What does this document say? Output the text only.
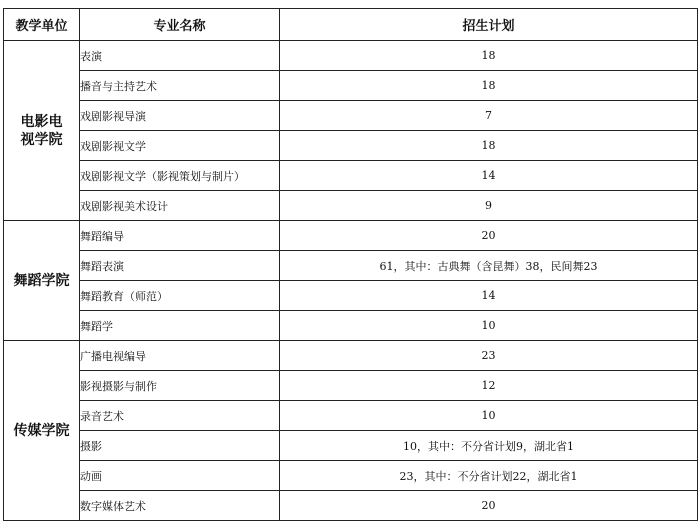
教学单位	专业名称	招生计划

电影电视学院	表演	18
	播音与主持艺术	18
	戏剧影视导演	7
	戏剧影视文学	18
	戏剧影视文学（影视策划与制片）	14
	戏剧影视美术设计	9

舞蹈学院	舞蹈编导	20
	舞蹈表演	61，其中：古典舞（含昆舞）38，民间舞23
	舞蹈教育（师范）	14
	舞蹈学	10

传媒学院	广播电视编导	23
	影视摄影与制作	12
	录音艺术	10
	摄影	10，其中：不分省计划9，湖北省1
	动画	23，其中：不分省计划22，湖北省1
	数字媒体艺术	20
